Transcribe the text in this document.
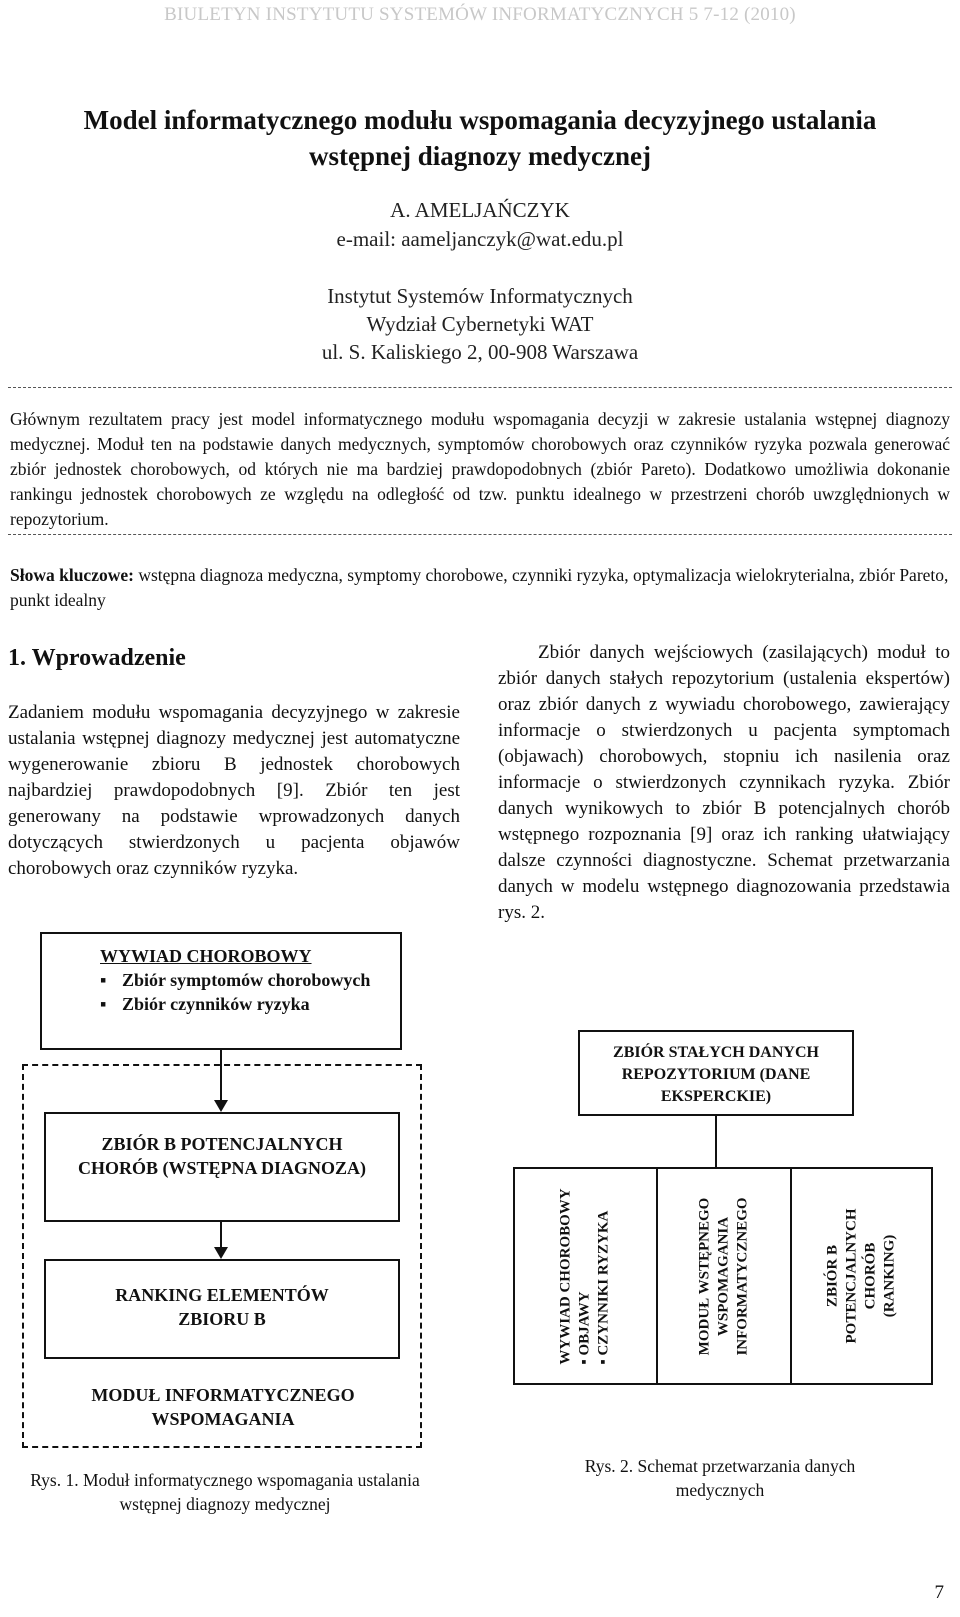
BIULETYN INSTYTUTU SYSTEMÓW INFORMATYCZNYCH 5 7-12 (2010)
Model informatycznego modułu wspomagania decyzyjnego ustalania
wstępnej diagnozy medycznej
A. AMELJAŃCZYK
e-mail: aameljanczyk@wat.edu.pl
Instytut Systemów Informatycznych
Wydział Cybernetyki WAT
ul. S. Kaliskiego 2, 00-908 Warszawa
Głównym rezultatem pracy jest model informatycznego modułu wspomagania decyzji w zakresie ustalania wstępnej diagnozy medycznej. Moduł ten na podstawie danych medycznych, symptomów chorobowych oraz czynników ryzyka pozwala generować zbiór jednostek chorobowych, od których nie ma bardziej prawdopodobnych (zbiór Pareto). Dodatkowo umożliwia dokonanie rankingu jednostek chorobowych ze względu na odległość od tzw. punktu idealnego w przestrzeni chorób uwzględnionych w repozytorium.
Słowa kluczowe: wstępna diagnoza medyczna, symptomy chorobowe, czynniki ryzyka, optymalizacja wielokryterialna, zbiór Pareto, punkt idealny
1. Wprowadzenie
Zadaniem modułu wspomagania decyzyjnego w zakresie ustalania wstępnej diagnozy medycznej jest automatyczne wygenerowanie zbioru B jednostek chorobowych najbardziej prawdopodobnych [9]. Zbiór ten jest generowany na podstawie wprowadzonych danych dotyczących stwierdzonych u pacjenta objawów chorobowych oraz czynników ryzyka.
Zbiór danych wejściowych (zasilających) moduł to zbiór danych stałych repozytorium (ustalenia ekspertów) oraz zbiór danych z wywiadu chorobowego, zawierający informacje o stwierdzonych u pacjenta symptomach (objawach) chorobowych, stopniu ich nasilenia oraz informacje o stwierdzonych czynnikach ryzyka. Zbiór danych wynikowych to zbiór B potencjalnych chorób wstępnego rozpoznania [9] oraz ich ranking ułatwiający dalsze czynności diagnostyczne. Schemat przetwarzania danych w modelu wstępnego diagnozowania przedstawia rys. 2.
WYWIAD CHOROBOWY
▪ Zbiór symptomów chorobowych
▪ Zbiór czynników ryzyka
ZBIÓR B POTENCJALNYCH CHORÓB (WSTĘPNA DIAGNOZA)
RANKING ELEMENTÓW ZBIORU B
MODUŁ INFORMATYCZNEGO WSPOMAGANIA
Rys. 1. Moduł informatycznego wspomagania ustalania wstępnej diagnozy medycznej
ZBIÓR STAŁYCH DANYCH REPOZYTORIUM (DANE EKSPERCKIE)
WYWIAD CHOROBOWY ▪ OBJAWY
▪ CZYNNIKI RYZYKA	MODUŁ WSTĘPNEGO WSPOMAGANIA INFORMATYCZNEGO	ZBIÓR B POTENCJALNYCH CHORÓB (RANKING)
Rys. 2. Schemat przetwarzania danych medycznych
7
